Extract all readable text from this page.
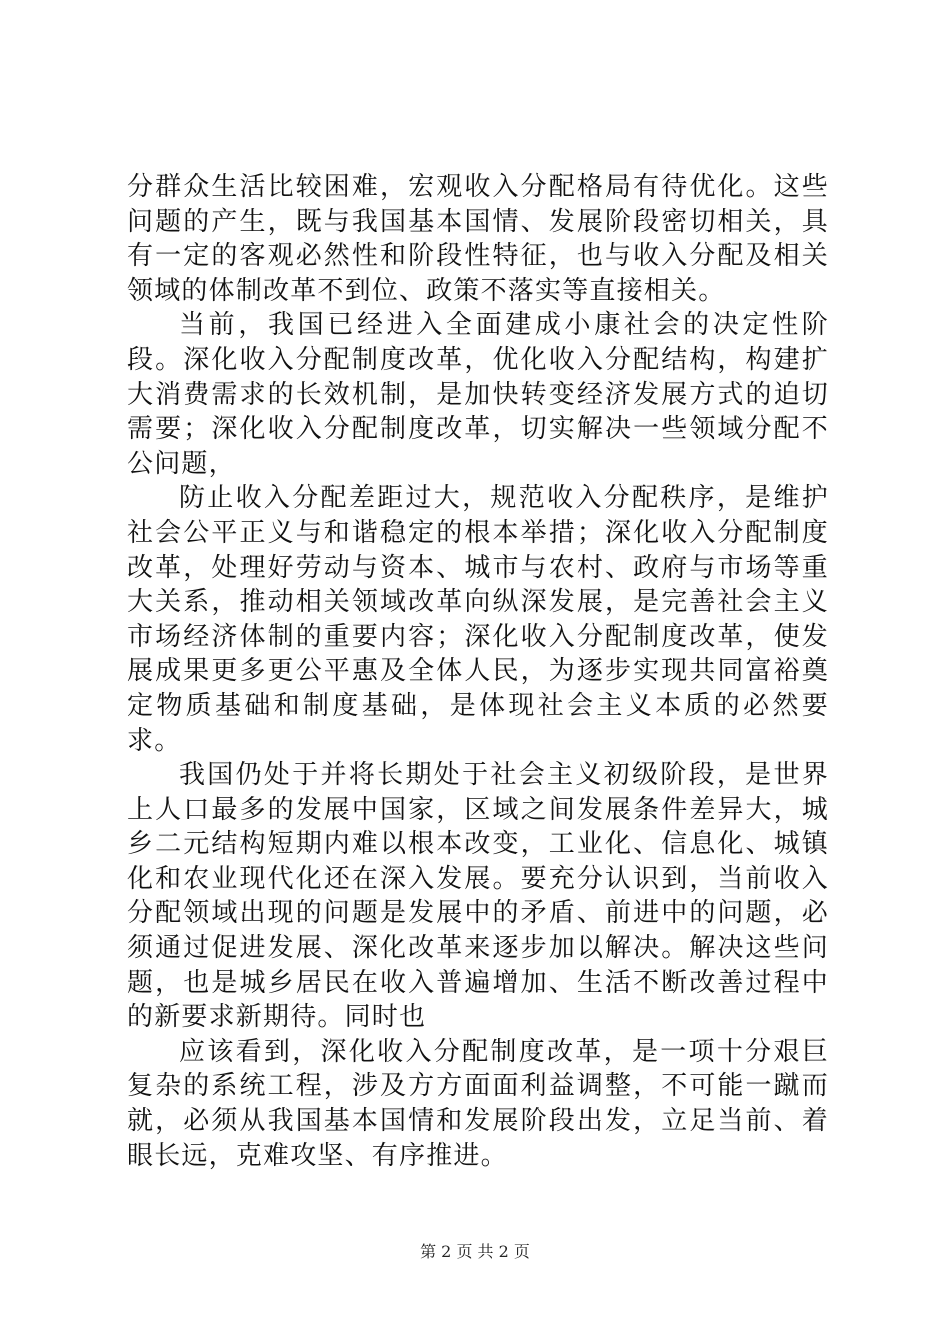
分群众生活比较困难，宏观收入分配格局有待优化。这些问题的产生，既与我国基本国情、发展阶段密切相关，具有一定的客观必然性和阶段性特征，也与收入分配及相关领域的体制改革不到位、政策不落实等直接相关。

当前，我国已经进入全面建成小康社会的决定性阶段。深化收入分配制度改革，优化收入分配结构，构建扩大消费需求的长效机制，是加快转变经济发展方式的迫切需要；深化收入分配制度改革，切实解决一些领域分配不公问题，

防止收入分配差距过大，规范收入分配秩序，是维护社会公平正义与和谐稳定的根本举措；深化收入分配制度改革，处理好劳动与资本、城市与农村、政府与市场等重大关系，推动相关领域改革向纵深发展，是完善社会主义市场经济体制的重要内容；深化收入分配制度改革，使发展成果更多更公平惠及全体人民，为逐步实现共同富裕奠定物质基础和制度基础，是体现社会主义本质的必然要求。

我国仍处于并将长期处于社会主义初级阶段，是世界上人口最多的发展中国家，区域之间发展条件差异大，城乡二元结构短期内难以根本改变，工业化、信息化、城镇化和农业现代化还在深入发展。要充分认识到，当前收入分配领域出现的问题是发展中的矛盾、前进中的问题，必须通过促进发展、深化改革来逐步加以解决。解决这些问题，也是城乡居民在收入普遍增加、生活不断改善过程中的新要求新期待。同时也

应该看到，深化收入分配制度改革，是一项十分艰巨复杂的系统工程，涉及方方面面利益调整，不可能一蹴而就，必须从我国基本国情和发展阶段出发，立足当前、着眼长远，克难攻坚、有序推进。

第 2 页 共 2 页
